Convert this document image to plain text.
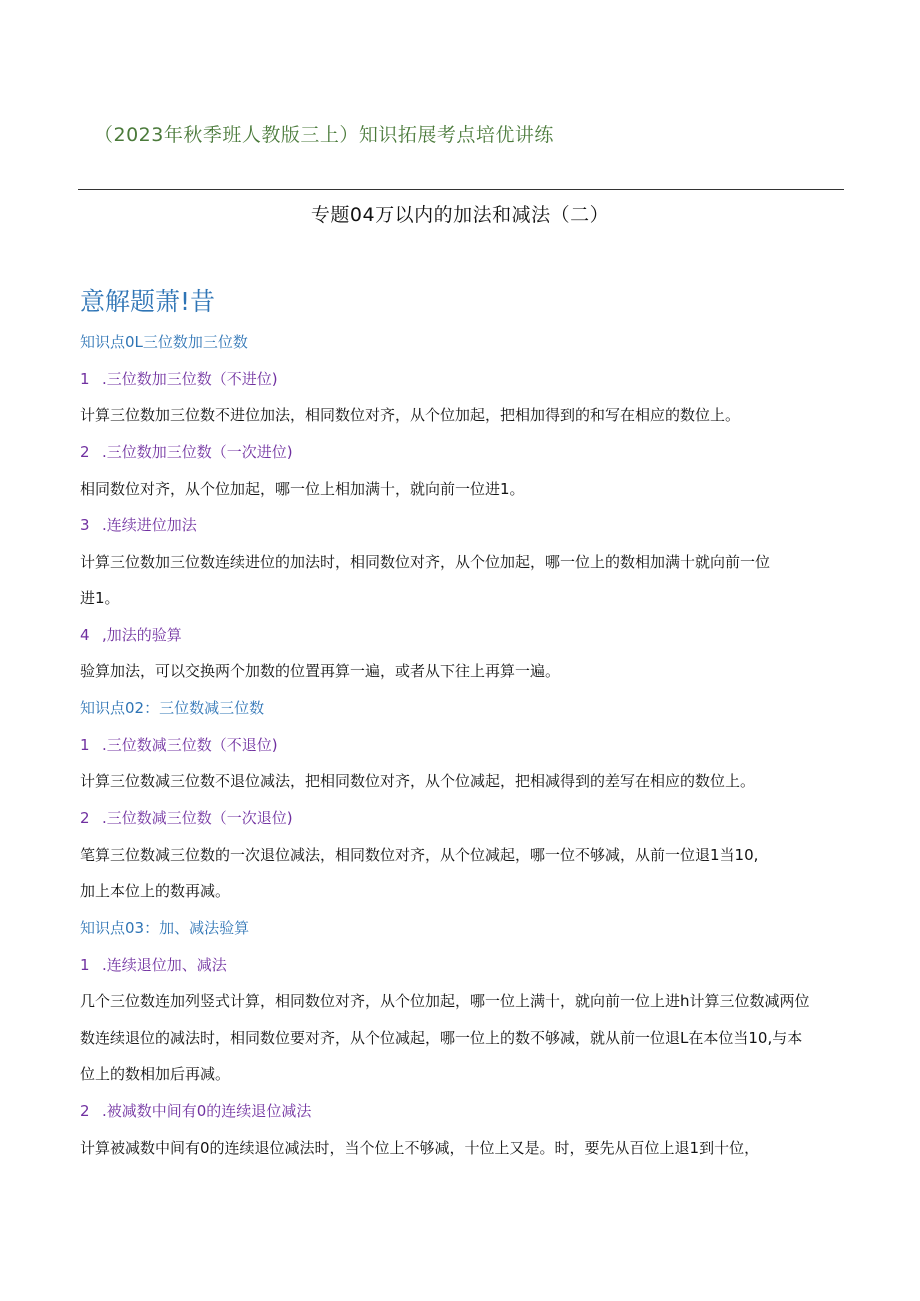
（2023年秋季班人教版三上）知识拓展考点培优讲练
专题04万以内的加法和减法（二）
意解题萧!昔
知识点0L三位数加三位数
1 .三位数加三位数（不进位)
计算三位数加三位数不进位加法，相同数位对齐，从个位加起，把相加得到的和写在相应的数位上。
2 .三位数加三位数（一次进位)
相同数位对齐，从个位加起，哪一位上相加满十，就向前一位进1。
3 .连续进位加法
计算三位数加三位数连续进位的加法时，相同数位对齐，从个位加起，哪一位上的数相加满十就向前一位
进1。
4 ,加法的验算
验算加法，可以交换两个加数的位置再算一遍，或者从下往上再算一遍。
知识点02：三位数减三位数
1 .三位数减三位数（不退位)
计算三位数减三位数不退位减法，把相同数位对齐，从个位减起，把相减得到的差写在相应的数位上。
2 .三位数减三位数（一次退位)
笔算三位数减三位数的一次退位减法，相同数位对齐，从个位减起，哪一位不够减，从前一位退1当10,
加上本位上的数再减。
知识点03：加、减法验算
1 .连续退位加、减法
几个三位数连加列竖式计算，相同数位对齐，从个位加起，哪一位上满十，就向前一位上进h计算三位数减两位
数连续退位的减法时，相同数位要对齐，从个位减起，哪一位上的数不够减，就从前一位退L在本位当10,与本
位上的数相加后再减。
2 .被减数中间有0的连续退位减法
计算被减数中间有0的连续退位减法时，当个位上不够减，十位上又是。时，要先从百位上退1到十位，
